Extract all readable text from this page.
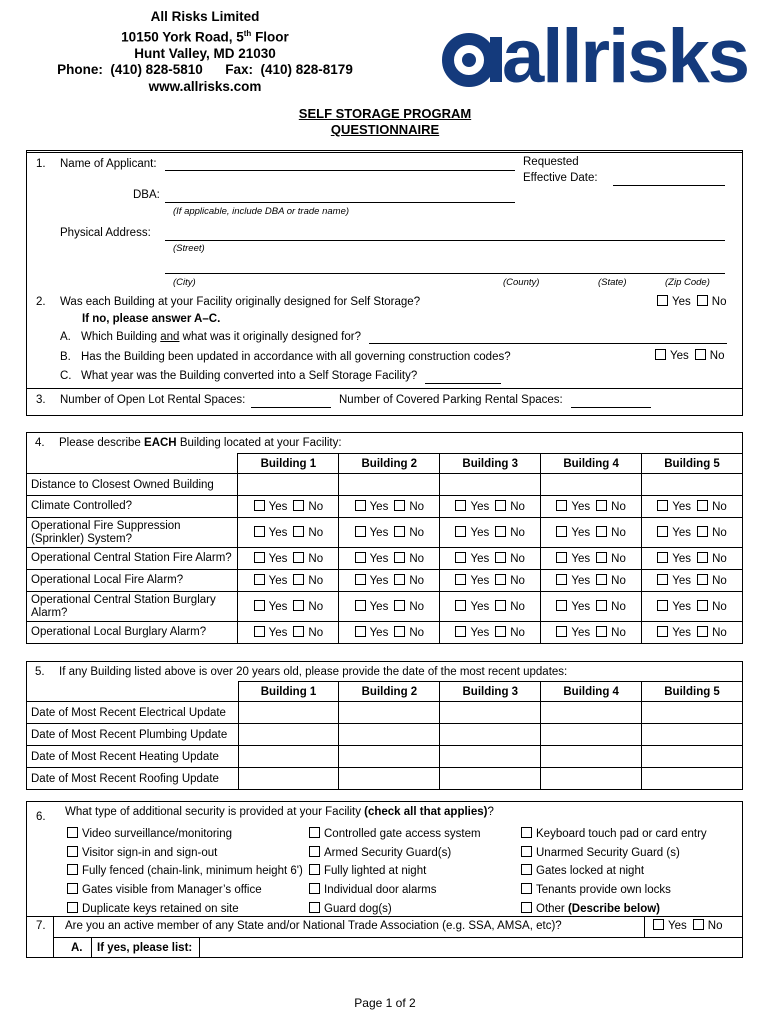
All Risks Limited
10150 York Road, 5th Floor
Hunt Valley, MD 21030
Phone:  (410) 828-5810      Fax:  (410) 828-8179
www.allrisks.com	allrisks
SELF STORAGE PROGRAM
QUESTIONNAIRE
1. Name of Applicant:	Requested
Effective Date:
DBA:
(If applicable, include DBA or trade name)
Physical Address:
(Street)
(City)	(County)	(State)	(Zip Code)
2. Was each Building at your Facility originally designed for Self Storage?	Yes No
If no, please answer A–C.
A. Which Building and what was it originally designed for?
B. Has the Building been updated in accordance with all governing construction codes?	Yes No
C. What year was the Building converted into a Self Storage Facility?
3. Number of Open Lot Rental Spaces:	Number of Covered Parking Rental Spaces:
4. Please describe EACH Building located at your Facility:					
	Building 1	Building 2	Building 3	Building 4	Building 5
Distance to Closest Owned Building					
Climate Controlled?	Yes No	Yes No	Yes No	Yes No	Yes No
Operational Fire Suppression (Sprinkler) System?	Yes No	Yes No	Yes No	Yes No	Yes No
Operational Central Station Fire Alarm?	Yes No	Yes No	Yes No	Yes No	Yes No
Operational Local Fire Alarm?	Yes No	Yes No	Yes No	Yes No	Yes No
Operational Central Station Burglary Alarm?	Yes No	Yes No	Yes No	Yes No	Yes No
Operational Local Burglary Alarm?	Yes No	Yes No	Yes No	Yes No	Yes No
5. If any Building listed above is over 20 years old, please provide the date of the most recent updates:					
	Building 1	Building 2	Building 3	Building 4	Building 5
Date of Most Recent Electrical Update					
Date of Most Recent Plumbing Update					
Date of Most Recent Heating Update					
Date of Most Recent Roofing Update					
6. What type of additional security is provided at your Facility (check all that applies)?
Video surveillance/monitoring
Visitor sign-in and sign-out
Fully fenced (chain-link, minimum height 6')
Gates visible from Manager’s office
Duplicate keys retained on site
Controlled gate access system
Armed Security Guard(s)
Fully lighted at night
Individual door alarms
Guard dog(s)
Keyboard touch pad or card entry
Unarmed Security Guard (s)
Gates locked at night
Tenants provide own locks
Other (Describe below)
7. Are you an active member of any State and/or National Trade Association (e.g. SSA, AMSA, etc)?	Yes No
A. If yes, please list:
Page 1 of 2
